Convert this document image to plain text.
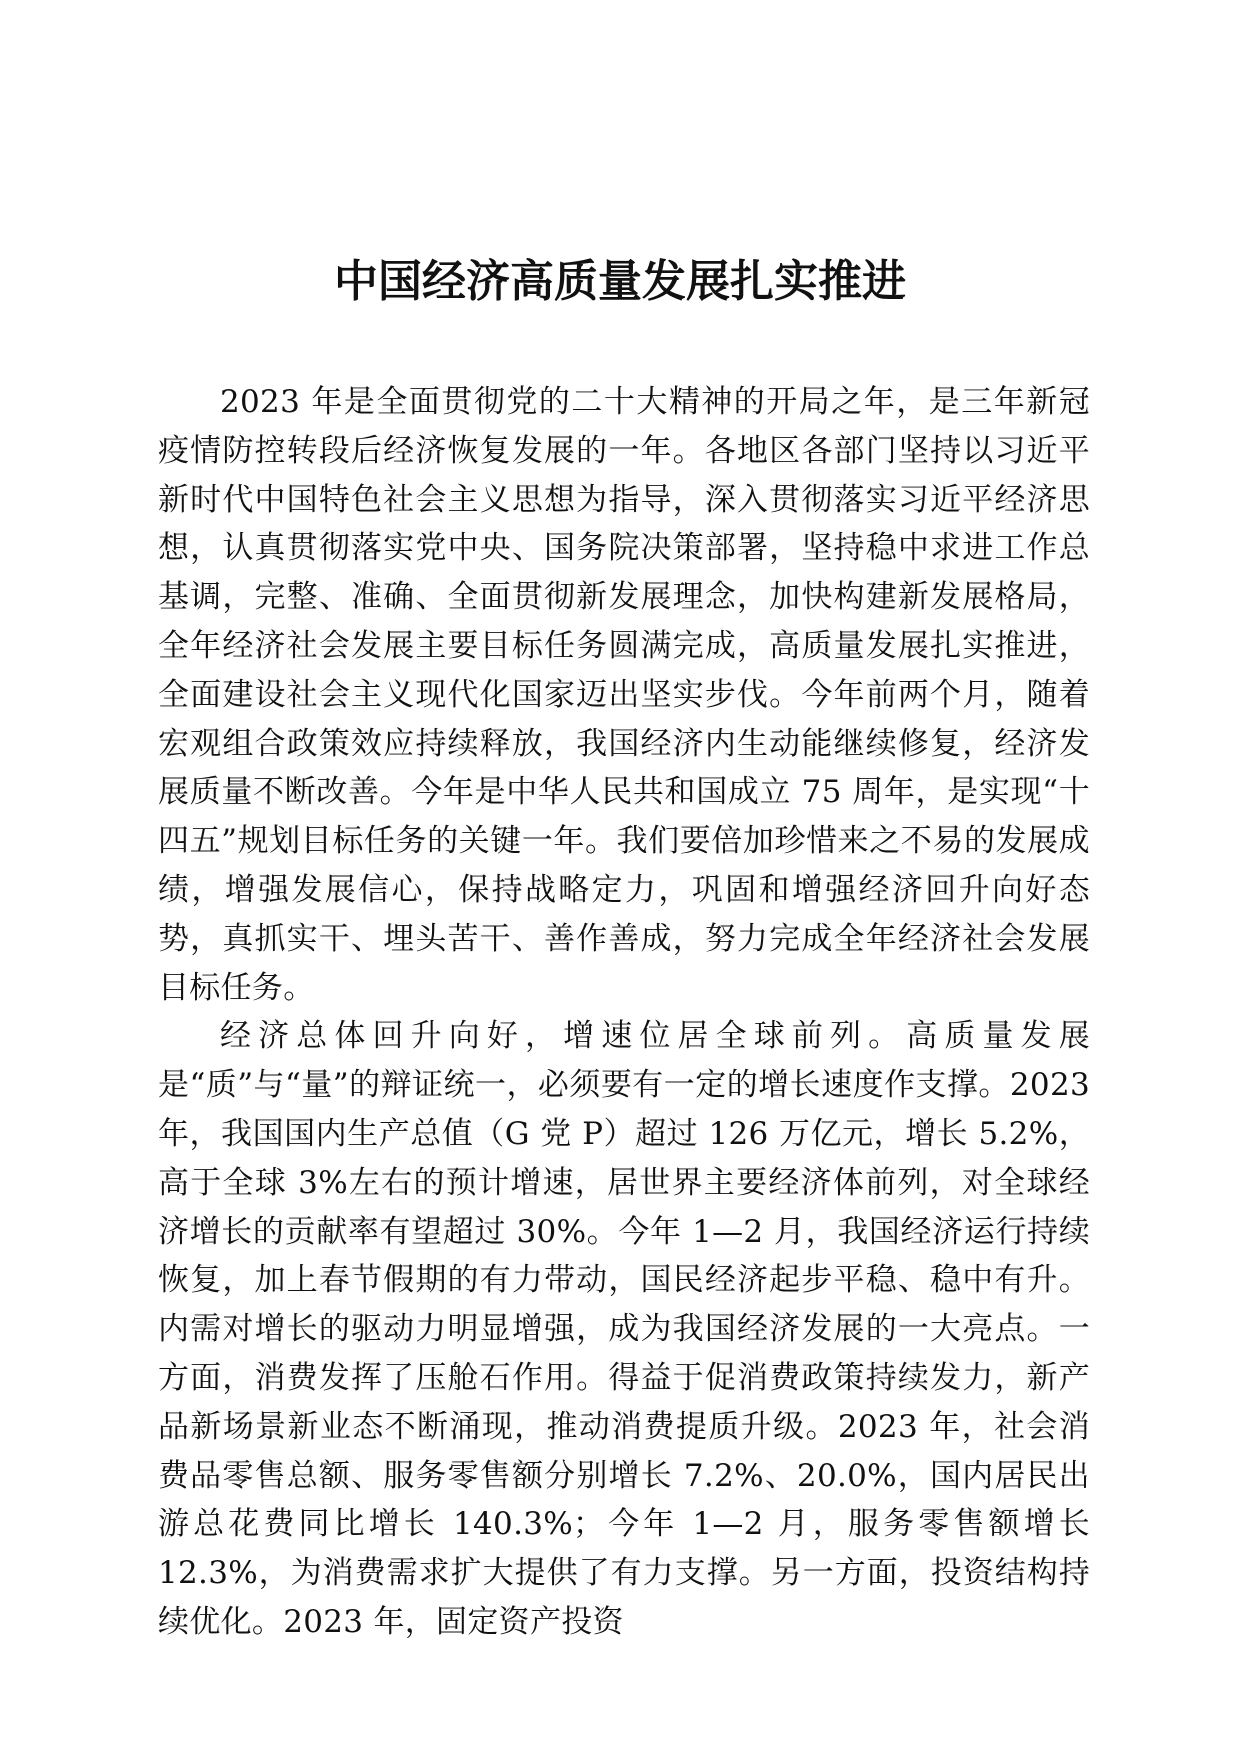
中国经济高质量发展扎实推进

2023 年是全面贯彻党的二十大精神的开局之年，是三年新冠疫情防控转段后经济恢复发展的一年。各地区各部门坚持以习近平新时代中国特色社会主义思想为指导，深入贯彻落实习近平经济思想，认真贯彻落实党中央、国务院决策部署，坚持稳中求进工作总基调，完整、准确、全面贯彻新发展理念，加快构建新发展格局，全年经济社会发展主要目标任务圆满完成，高质量发展扎实推进，全面建设社会主义现代化国家迈出坚实步伐。今年前两个月，随着宏观组合政策效应持续释放，我国经济内生动能继续修复，经济发展质量不断改善。今年是中华人民共和国成立 75 周年，是实现“十四五”规划目标任务的关键一年。我们要倍加珍惜来之不易的发展成绩，增强发展信心，保持战略定力，巩固和增强经济回升向好态势，真抓实干、埋头苦干、善作善成，努力完成全年经济社会发展目标任务。

经济总体回升向好，增速位居全球前列。高质量发展是“质”与“量”的辩证统一，必须要有一定的增长速度作支撑。2023 年，我国国内生产总值（G 党 P）超过 126 万亿元，增长 5.2%，高于全球 3%左右的预计增速，居世界主要经济体前列，对全球经济增长的贡献率有望超过 30%。今年 1—2 月，我国经济运行持续恢复，加上春节假期的有力带动，国民经济起步平稳、稳中有升。内需对增长的驱动力明显增强，成为我国经济发展的一大亮点。一方面，消费发挥了压舱石作用。得益于促消费政策持续发力，新产品新场景新业态不断涌现，推动消费提质升级。2023 年，社会消费品零售总额、服务零售额分别增长 7.2%、20.0%，国内居民出游总花费同比增长 140.3%；今年 1—2 月，服务零售额增长 12.3%，为消费需求扩大提供了有力支撑。另一方面，投资结构持续优化。2023 年，固定资产投资
